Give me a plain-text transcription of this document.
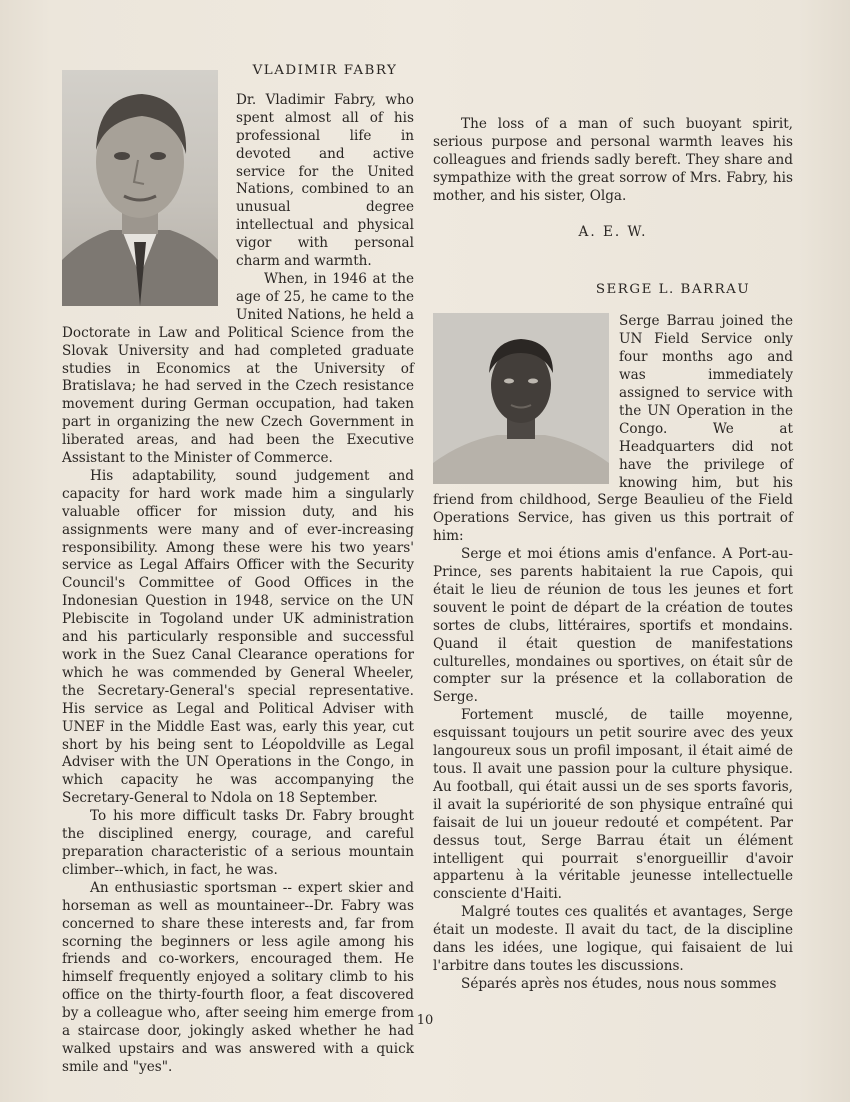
VLADIMIR FABRY

Dr. Vladimir Fabry, who spent almost all of his professional life in devoted and active service for the United Nations, combined to an unusual degree intellectual and physical vigor with personal charm and warmth.

When, in 1946 at the age of 25, he came to the United Nations, he held a Doctorate in Law and Political Science from the Slovak University and had completed graduate studies in Economics at the University of Bratislava; he had served in the Czech resistance movement during German occupation, had taken part in organizing the new Czech Government in liberated areas, and had been the Executive Assistant to the Minister of Commerce.

His adaptability, sound judgement and capacity for hard work made him a singularly valuable officer for mission duty, and his assignments were many and of ever-increasing responsibility. Among these were his two years' service as Legal Affairs Officer with the Security Council's Committee of Good Offices in the Indonesian Question in 1948, service on the UN Plebiscite in Togoland under UK administration and his particularly responsible and successful work in the Suez Canal Clearance operations for which he was commended by General Wheeler, the Secretary-General's special representative. His service as Legal and Political Adviser with UNEF in the Middle East was, early this year, cut short by his being sent to Léopoldville as Legal Adviser with the UN Operations in the Congo, in which capacity he was accompanying the Secretary-General to Ndola on 18 September.

To his more difficult tasks Dr. Fabry brought the disciplined energy, courage, and careful preparation characteristic of a serious mountain climber--which, in fact, he was.

An enthusiastic sportsman -- expert skier and horseman as well as mountaineer--Dr. Fabry was concerned to share these interests and, far from scorning the beginners or less agile among his friends and co-workers, encouraged them. He himself frequently enjoyed a solitary climb to his office on the thirty-fourth floor, a feat discovered by a colleague who, after seeing him emerge from a staircase door, jokingly asked whether he had walked upstairs and was answered with a quick smile and "yes".

The loss of a man of such buoyant spirit, serious purpose and personal warmth leaves his colleagues and friends sadly bereft. They share and sympathize with the great sorrow of Mrs. Fabry, his mother, and his sister, Olga.

A. E. W.

SERGE L. BARRAU

Serge Barrau joined the UN Field Service only four months ago and was immediately assigned to service with the UN Operation in the Congo. We at Headquarters did not have the privilege of knowing him, but his friend from childhood, Serge Beaulieu of the Field Operations Service, has given us this portrait of him:

Serge et moi étions amis d'enfance. A Port-au-Prince, ses parents habitaient la rue Capois, qui était le lieu de réunion de tous les jeunes et fort souvent le point de départ de la création de toutes sortes de clubs, littéraires, sportifs et mondains. Quand il était question de manifestations culturelles, mondaines ou sportives, on était sûr de compter sur la présence et la collaboration de Serge.

Fortement musclé, de taille moyenne, esquissant toujours un petit sourire avec des yeux langoureux sous un profil imposant, il était aimé de tous. Il avait une passion pour la culture physique. Au football, qui était aussi un de ses sports favoris, il avait la supériorité de son physique entraîné qui faisait de lui un joueur redouté et compétent. Par dessus tout, Serge Barrau était un élément intelligent qui pourrait s'enorgueillir d'avoir appartenu à la véritable jeunesse intellectuelle consciente d'Haiti.

Malgré toutes ces qualités et avantages, Serge était un modeste. Il avait du tact, de la discipline dans les idées, une logique, qui faisaient de lui l'arbitre dans toutes les discussions.

Séparés après nos études, nous nous sommes

10
